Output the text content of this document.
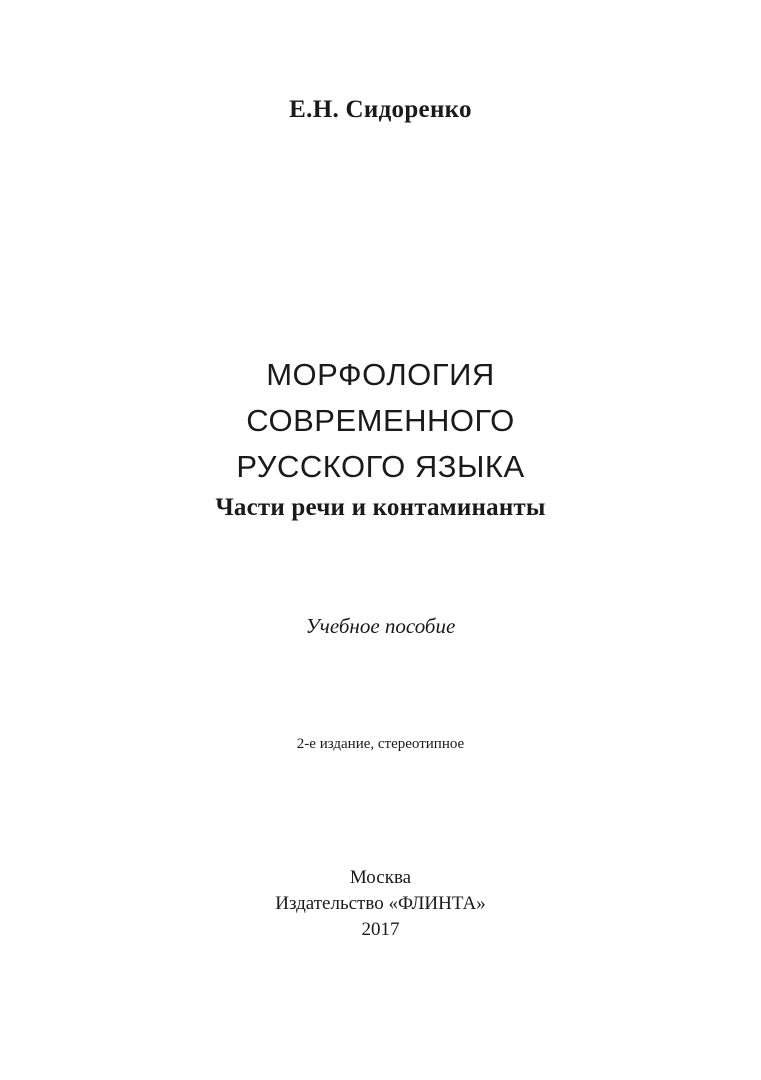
Е.Н. Сидоренко

МОРФОЛОГИЯ
СОВРЕМЕННОГО
РУССКОГО ЯЗЫКА

Части речи и контаминанты

Учебное пособие

2-е издание, стереотипное

Москва
Издательство «ФЛИНТА»
2017
